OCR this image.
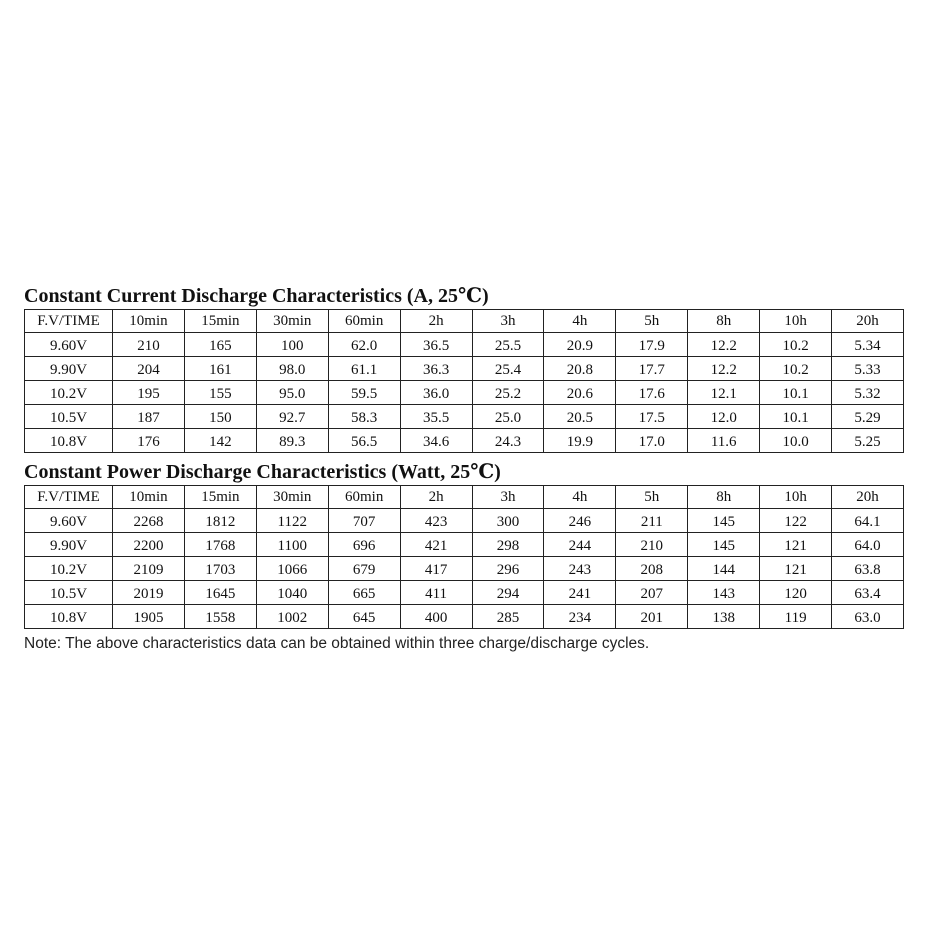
Constant Current Discharge Characteristics (A, 25℃)
F.V/TIME	10min	15min	30min	60min	2h	3h	4h	5h	8h	10h	20h
9.60V	210	165	100	62.0	36.5	25.5	20.9	17.9	12.2	10.2	5.34
9.90V	204	161	98.0	61.1	36.3	25.4	20.8	17.7	12.2	10.2	5.33
10.2V	195	155	95.0	59.5	36.0	25.2	20.6	17.6	12.1	10.1	5.32
10.5V	187	150	92.7	58.3	35.5	25.0	20.5	17.5	12.0	10.1	5.29
10.8V	176	142	89.3	56.5	34.6	24.3	19.9	17.0	11.6	10.0	5.25
Constant Power Discharge Characteristics (Watt, 25℃)
F.V/TIME	10min	15min	30min	60min	2h	3h	4h	5h	8h	10h	20h
9.60V	2268	1812	1122	707	423	300	246	211	145	122	64.1
9.90V	2200	1768	1100	696	421	298	244	210	145	121	64.0
10.2V	2109	1703	1066	679	417	296	243	208	144	121	63.8
10.5V	2019	1645	1040	665	411	294	241	207	143	120	63.4
10.8V	1905	1558	1002	645	400	285	234	201	138	119	63.0
Note: The above characteristics data can be obtained within three charge/discharge cycles.
